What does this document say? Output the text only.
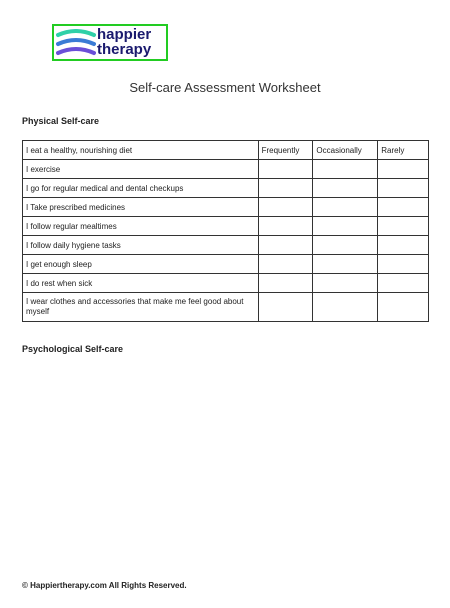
happier
therapy
Self-care Assessment Worksheet
Physical Self-care
I eat a healthy, nourishing diet	Frequently	Occasionally	Rarely
I exercise			
I go for regular medical and dental checkups			
I Take prescribed medicines			
I follow regular mealtimes			
I follow daily hygiene tasks			
I get enough sleep			
I do rest when sick			
I wear clothes and accessories that make me feel good about myself			
Psychological Self-care
© Happiertherapy.com All Rights Reserved.
